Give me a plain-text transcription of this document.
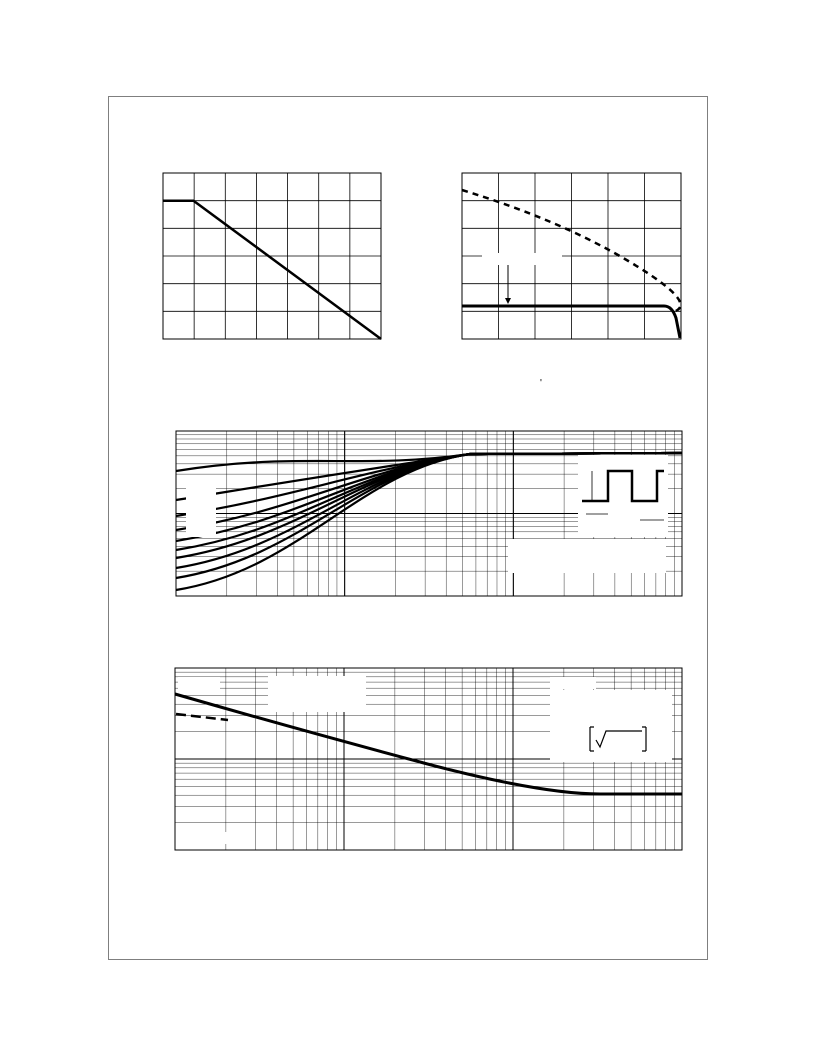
'
